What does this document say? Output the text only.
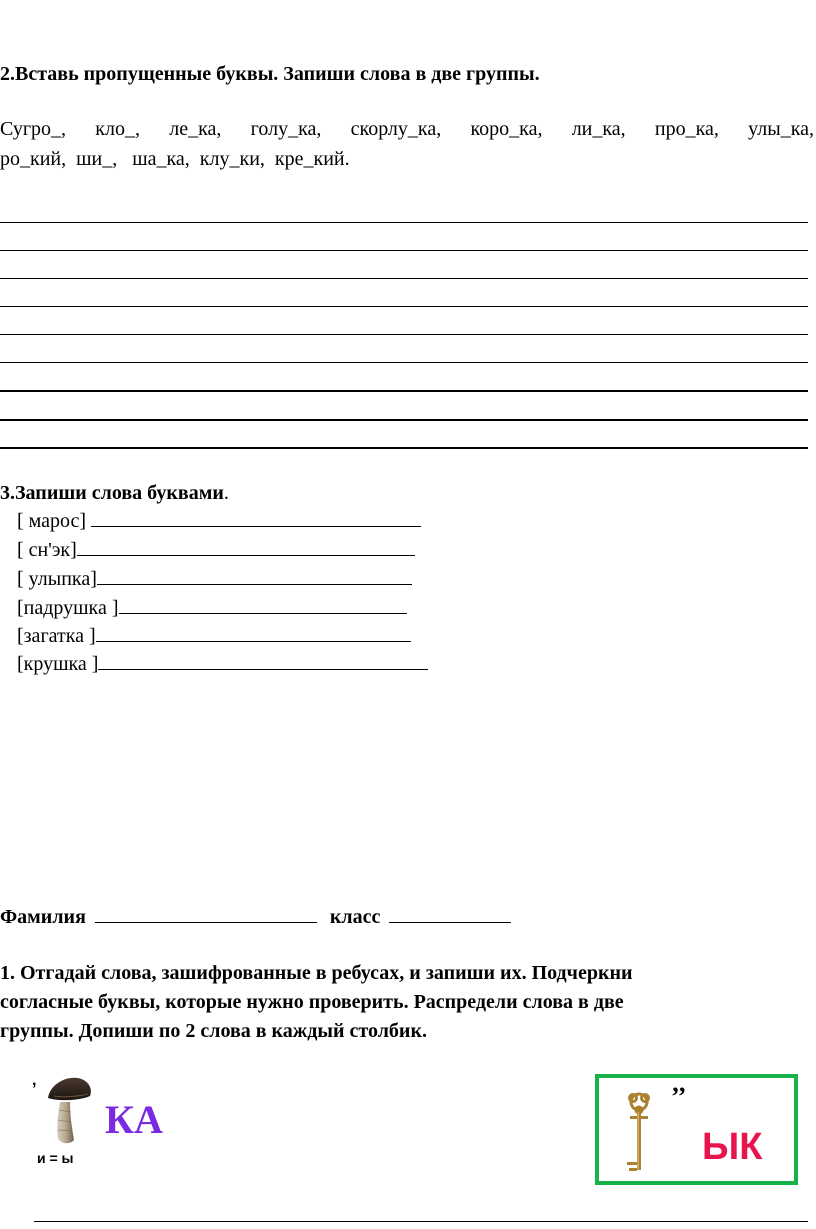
2.Вставь пропущенные буквы. Запиши слова в две группы.
Сугро_, кло_, ле_ка, голу_ка, скорлу_ка, коро_ка, ли_ка, про_ка, улы_ка,
ро_кий,  ши_,   ша_ка,  клу_ки,  кре_кий.
3.Запиши слова буквами.
[ марос]
[ сн'эк]
[ улыпка]
[падрушка ]
[загатка ]
[крушка ]
Фамилия	класс
1. Отгадай слова, зашифрованные в ребусах, и запиши их. Подчеркни
согласные буквы, которые нужно проверить. Распредели слова в две
группы. Допиши по 2 слова в каждый столбик.
,
КА
и = ы
’’
ЫК
